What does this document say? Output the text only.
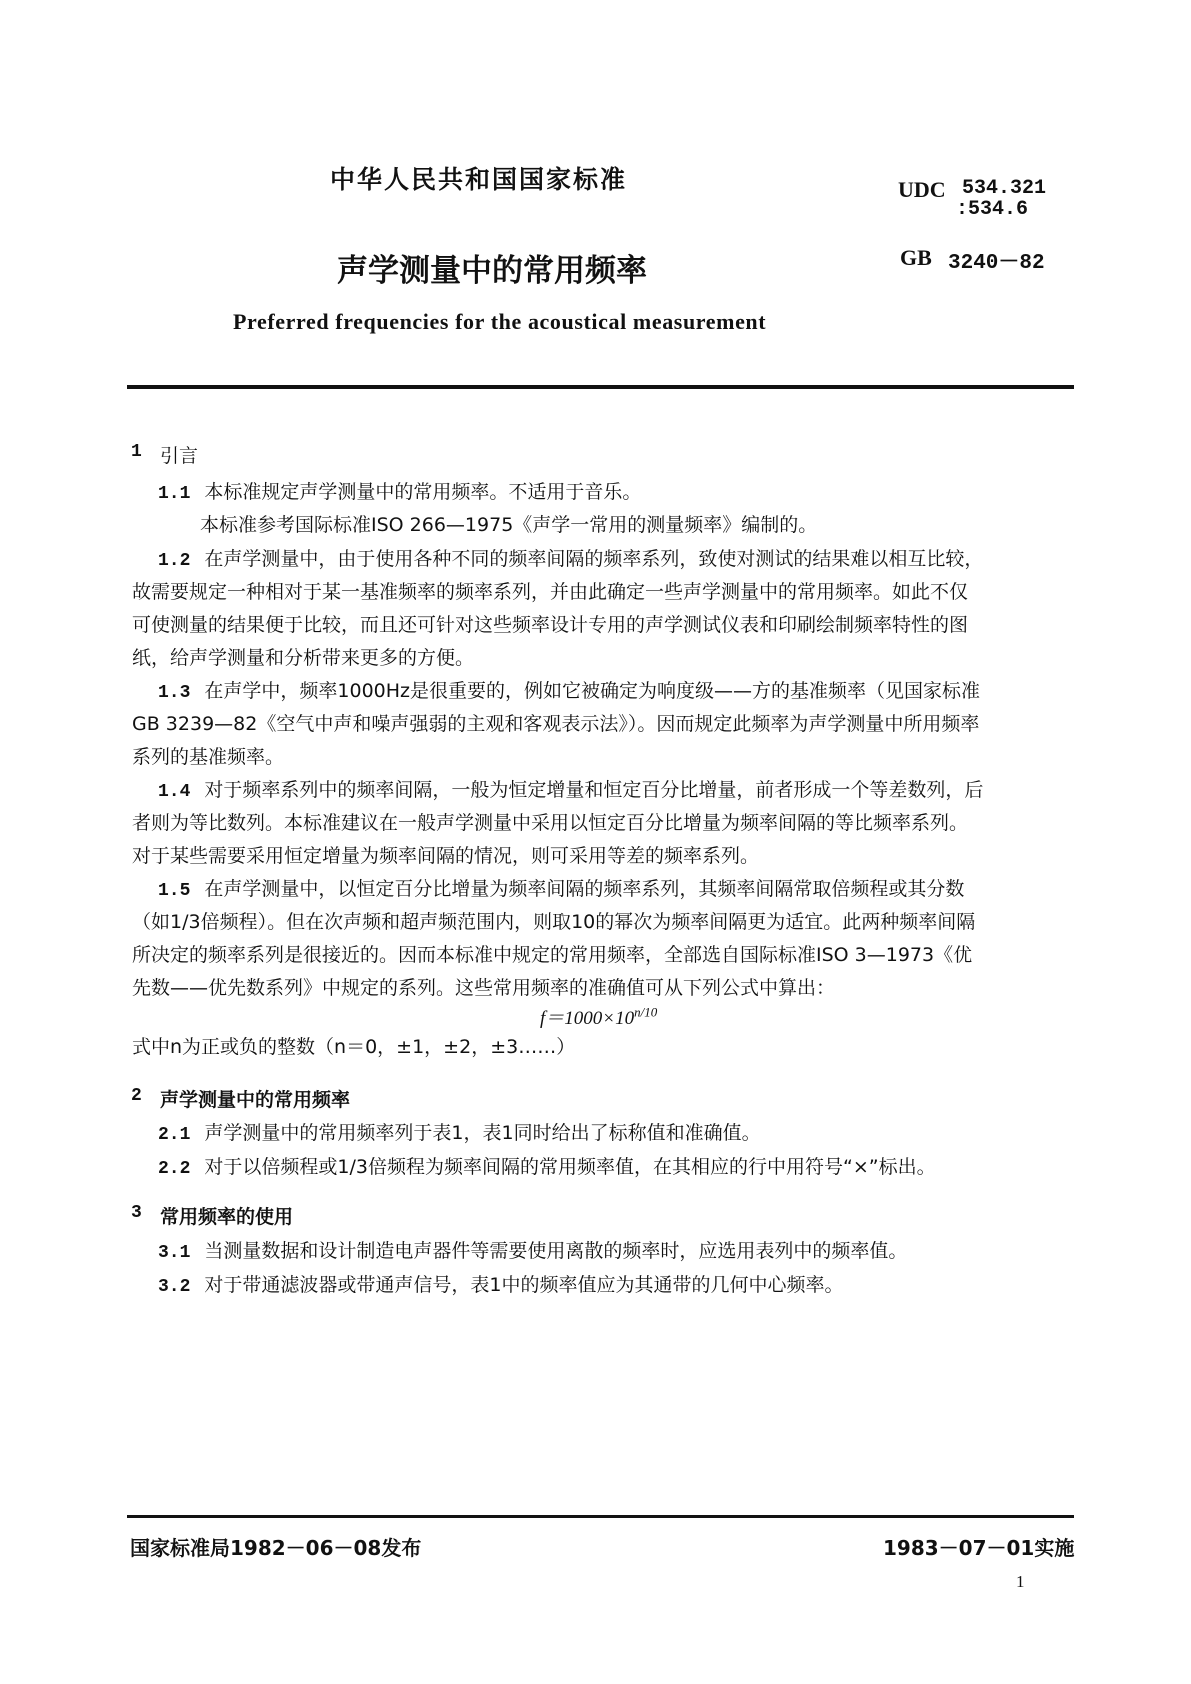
中华人民共和国国家标准	UDC 534.321
:534.6
声学测量中的常用频率	GB 3240－82
Preferred frequencies for the acoustical measurement
1 引言
1.1 本标准规定声学测量中的常用频率。不适用于音乐。
本标准参考国际标准ISO 266—1975《声学一常用的测量频率》编制的。
1.2 在声学测量中，由于使用各种不同的频率间隔的频率系列，致使对测试的结果难以相互比较，
故需要规定一种相对于某一基准频率的频率系列，并由此确定一些声学测量中的常用频率。如此不仅
可使测量的结果便于比较，而且还可针对这些频率设计专用的声学测试仪表和印刷绘制频率特性的图
纸，给声学测量和分析带来更多的方便。
1.3 在声学中，频率1000Hz是很重要的，例如它被确定为响度级——方的基准频率（见国家标准
GB 3239—82《空气中声和噪声强弱的主观和客观表示法》）。因而规定此频率为声学测量中所用频率
系列的基准频率。
1.4 对于频率系列中的频率间隔，一般为恒定增量和恒定百分比增量，前者形成一个等差数列，后
者则为等比数列。本标准建议在一般声学测量中采用以恒定百分比增量为频率间隔的等比频率系列。
对于某些需要采用恒定增量为频率间隔的情况，则可采用等差的频率系列。
1.5 在声学测量中，以恒定百分比增量为频率间隔的频率系列，其频率间隔常取倍频程或其分数
（如1/3倍频程）。但在次声频和超声频范围内，则取10的幂次为频率间隔更为适宜。此两种频率间隔
所决定的频率系列是很接近的。因而本标准中规定的常用频率，全部选自国际标准ISO 3—1973《优
先数——优先数系列》中规定的系列。这些常用频率的准确值可从下列公式中算出：
$f=1000\times 10^{n/10}$
式中n为正或负的整数（n＝0，±1，±2，±3……）
2 声学测量中的常用频率
2.1 声学测量中的常用频率列于表1，表1同时给出了标称值和准确值。
2.2 对于以倍频程或1/3倍频程为频率间隔的常用频率值，在其相应的行中用符号“×”标出。
3 常用频率的使用
3.1 当测量数据和设计制造电声器件等需要使用离散的频率时，应选用表列中的频率值。
3.2 对于带通滤波器或带通声信号，表1中的频率值应为其通带的几何中心频率。
国家标准局1982－06－08发布	1983－07－01实施
1
